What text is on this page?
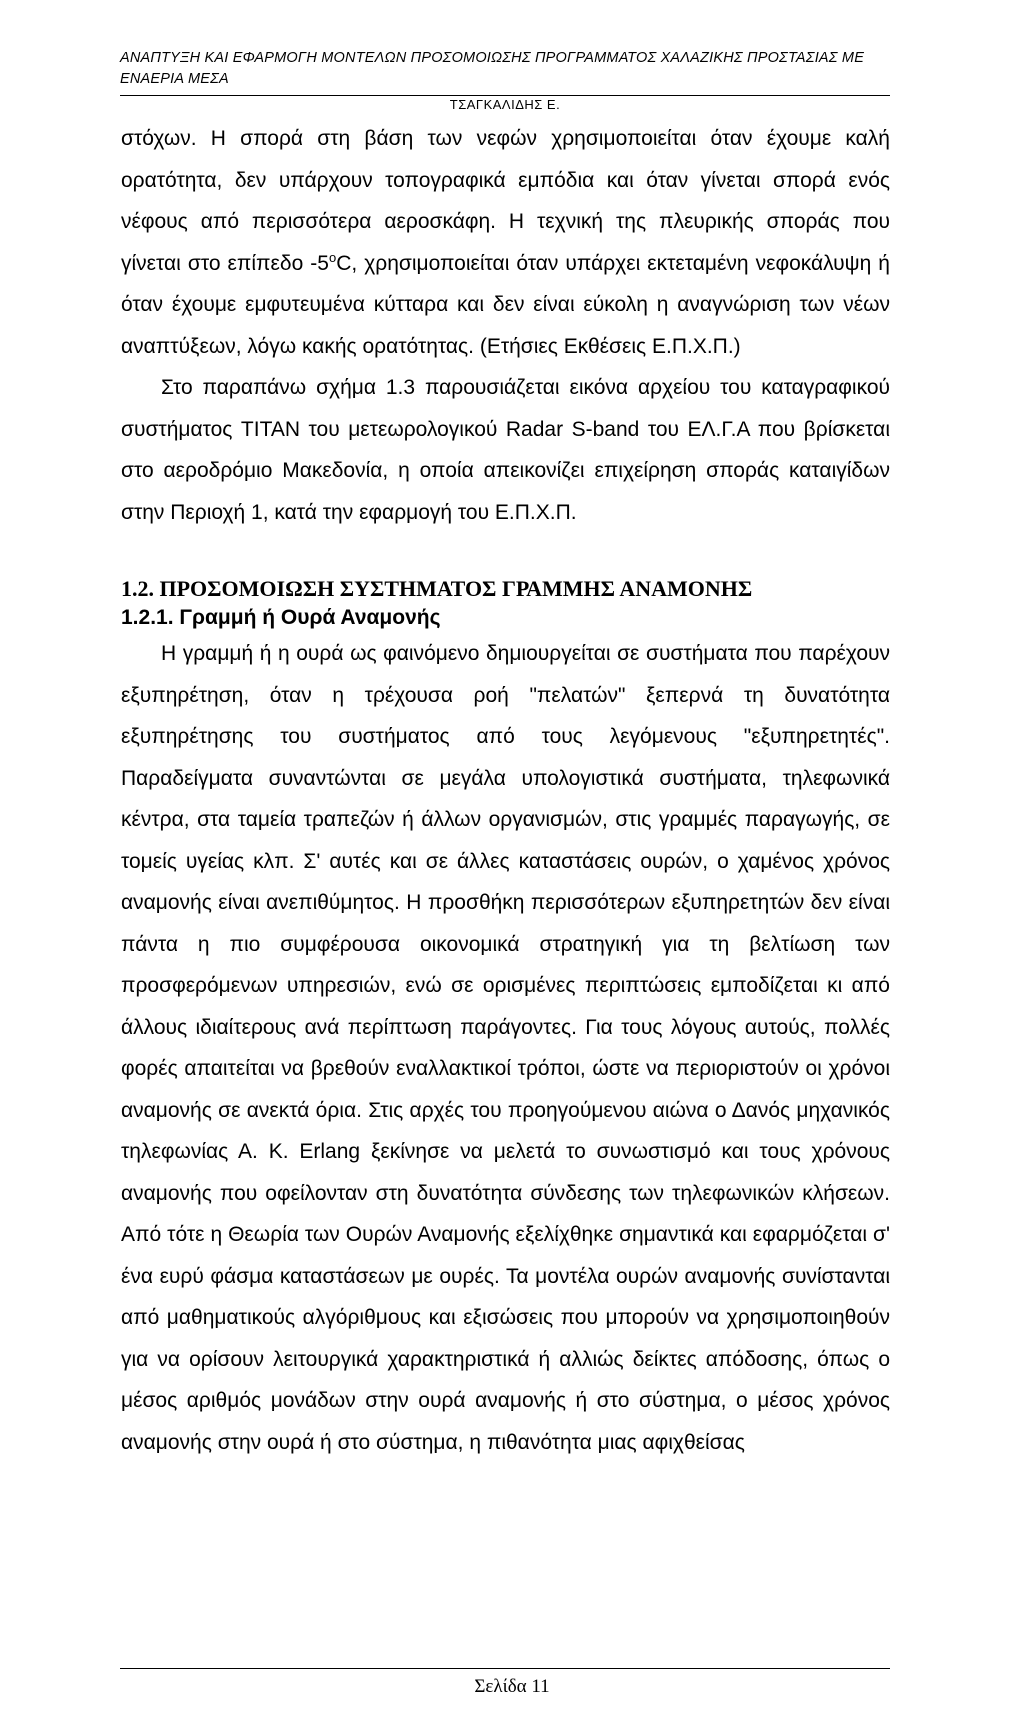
ΑΝΑΠΤΥΞΗ ΚΑΙ ΕΦΑΡΜΟΓΗ ΜΟΝΤΕΛΩΝ ΠΡΟΣΟΜΟΙΩΣΗΣ ΠΡΟΓΡΑΜΜΑΤΟΣ ΧΑΛΑΖΙΚΗΣ ΠΡΟΣΤΑΣΙΑΣ ΜΕ ΕΝAΕΡΙΑ ΜΕΣΑ
ΤΣΑΓΚΑΛΙΔΗΣ Ε.

στόχων. Η σπορά στη βάση των νεφών χρησιμοποιείται όταν έχουμε καλή ορατότητα, δεν υπάρχουν τοπογραφικά εμπόδια και όταν γίνεται σπορά ενός νέφους από περισσότερα αεροσκάφη. Η τεχνική της πλευρικής σποράς που γίνεται στο επίπεδο -5$^o$C, χρησιμοποιείται όταν υπάρχει εκτεταμένη νεφοκάλυψη ή όταν έχουμε εμφυτευμένα κύτταρα και δεν είναι εύκολη η αναγνώριση των νέων αναπτύξεων, λόγω κακής ορατότητας. (Ετήσιες Εκθέσεις Ε.Π.Χ.Π.)

Στο παραπάνω σχήμα 1.3 παρουσιάζεται εικόνα αρχείου του καταγραφικού συστήματος TITAN του μετεωρολογικού Radar S-band του ΕΛ.Γ.Α που βρίσκεται στο αεροδρόμιο Μακεδονία, η οποία απεικονίζει επιχείρηση σποράς καταιγίδων στην Περιοχή 1, κατά την εφαρμογή του Ε.Π.Χ.Π.

1.2. ΠΡΟΣΟΜΟΙΩΣΗ ΣΥΣΤΗΜΑΤΟΣ ΓΡΑΜΜΗΣ ΑΝΑΜΟΝΗΣ
1.2.1. Γραμμή ή Ουρά Αναμονής

Η γραμμή ή η ουρά ως φαινόμενο δημιουργείται σε συστήματα που παρέχουν εξυπηρέτηση, όταν η τρέχουσα ροή "πελατών" ξεπερνά τη δυνατότητα εξυπηρέτησης του συστήματος από τους λεγόμενους "εξυπηρετητές". Παραδείγματα συναντώνται σε μεγάλα υπολογιστικά συστήματα, τηλεφωνικά κέντρα, στα ταμεία τραπεζών ή άλλων οργανισμών, στις γραμμές παραγωγής, σε τομείς υγείας κλπ. Σ' αυτές και σε άλλες καταστάσεις ουρών, ο χαμένος χρόνος αναμονής είναι ανεπιθύμητος. Η προσθήκη περισσότερων εξυπηρετητών δεν είναι πάντα η πιο συμφέρουσα οικονομικά στρατηγική για τη βελτίωση των προσφερόμενων υπηρεσιών, ενώ σε ορισμένες περιπτώσεις εμποδίζεται κι από άλλους ιδιαίτερους ανά περίπτωση παράγοντες. Για τους λόγους αυτούς, πολλές φορές απαιτείται να βρεθούν εναλλακτικοί τρόποι, ώστε να περιοριστούν οι χρόνοι αναμονής σε ανεκτά όρια. Στις αρχές του προηγούμενου αιώνα ο Δανός μηχανικός τηλεφωνίας Α. Κ. Erlang ξεκίνησε να μελετά το συνωστισμό και τους χρόνους αναμονής που οφείλονταν στη δυνατότητα σύνδεσης των τηλεφωνικών κλήσεων. Από τότε η Θεωρία των Ουρών Αναμονής εξελίχθηκε σημαντικά και εφαρμόζεται σ' ένα ευρύ φάσμα καταστάσεων με ουρές. Τα μοντέλα ουρών αναμονής συνίστανται από μαθηματικούς αλγόριθμους και εξισώσεις που μπορούν να χρησιμοποιηθούν για να ορίσουν λειτουργικά χαρακτηριστικά ή αλλιώς δείκτες απόδοσης, όπως ο μέσος αριθμός μονάδων στην ουρά αναμονής ή στο σύστημα, ο μέσος χρόνος αναμονής στην ουρά ή στο σύστημα, η πιθανότητα μιας αφιχθείσας

Σελίδα 11
